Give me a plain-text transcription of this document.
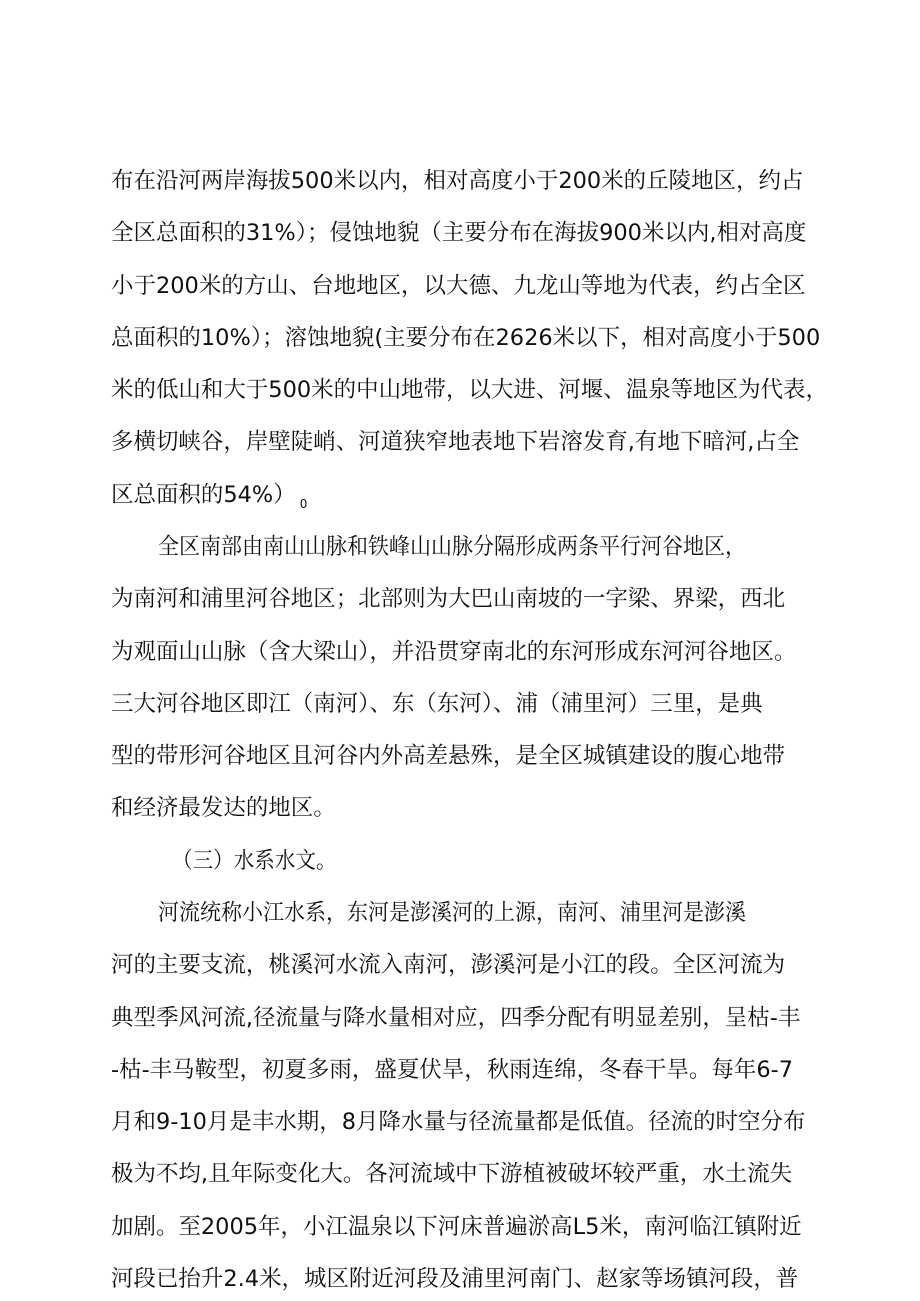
布在沿河两岸海拔500米以内，相对高度小于200米的丘陵地区，约占
全区总面积的31%）；侵蚀地貌（主要分布在海拔900米以内,相对高度
小于200米的方山、台地地区，以大德、九龙山等地为代表，约占全区
总面积的10%）；溶蚀地貌(主要分布在2626米以下，相对高度小于500
米的低山和大于500米的中山地带，以大进、河堰、温泉等地区为代表，
多横切峡谷，岸壁陡峭、河道狭窄地表地下岩溶发育,有地下暗河,占全
区总面积的54%） $_0$
全区南部由南山山脉和铁峰山山脉分隔形成两条平行河谷地区，
为南河和浦里河谷地区；北部则为大巴山南坡的一字梁、界梁，西北
为观面山山脉（含大梁山），并沿贯穿南北的东河形成东河河谷地区。
三大河谷地区即江（南河）、东（东河）、浦（浦里河）三里，是典
型的带形河谷地区且河谷内外高差悬殊，是全区城镇建设的腹心地带
和经济最发达的地区。
（三）水系水文。
河流统称小江水系，东河是澎溪河的上源，南河、浦里河是澎溪
河的主要支流，桃溪河水流入南河，澎溪河是小江的段。全区河流为
典型季风河流,径流量与降水量相对应，四季分配有明显差别，呈枯-丰
-枯-丰马鞍型，初夏多雨，盛夏伏旱，秋雨连绵，冬春干旱。每年6-7
月和9-10月是丰水期，8月降水量与径流量都是低值。径流的时空分布
极为不均,且年际变化大。各河流域中下游植被破坏较严重，水土流失
加剧。至2005年，小江温泉以下河床普遍淤高L5米，南河临江镇附近
河段已抬升2.4米，城区附近河段及浦里河南门、赵家等场镇河段，普
